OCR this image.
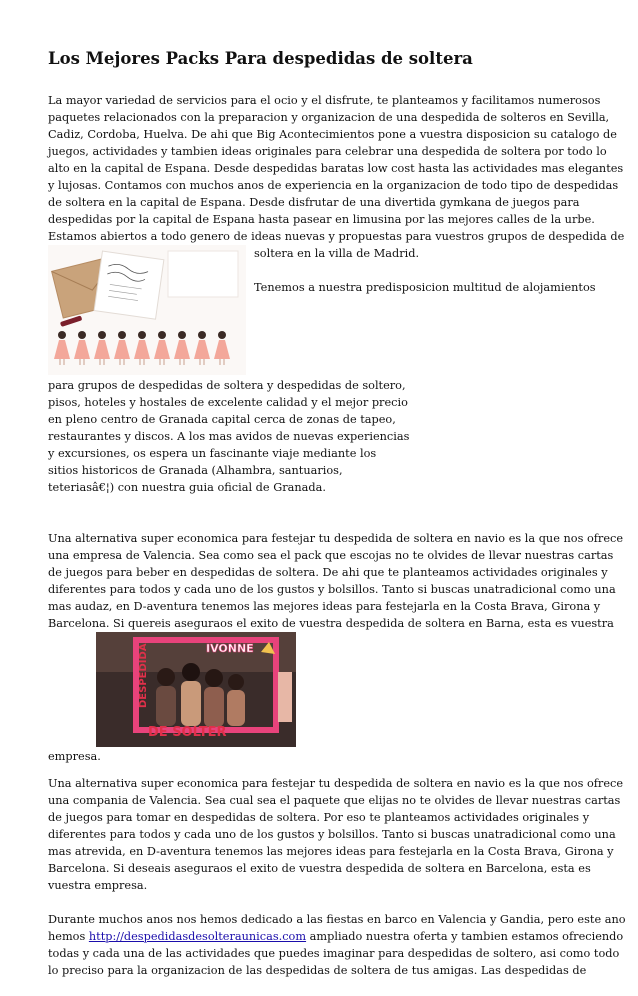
Los Mejores Packs Para despedidas de soltera

La mayor variedad de servicios para el ocio y el disfrute, te planteamos y facilitamos numerosos
paquetes relacionados con la preparacion y organizacion de una despedida de solteros en Sevilla,
Cadiz, Cordoba, Huelva. De ahi que Big Acontecimientos pone a vuestra disposicion su catalogo de
juegos, actividades y tambien ideas originales para celebrar una despedida de soltera por todo lo
alto en la capital de Espana. Desde despedidas baratas low cost hasta las actividades mas elegantes
y lujosas. Contamos con muchos anos de experiencia en la organizacion de todo tipo de despedidas
de soltera en la capital de Espana. Desde disfrutar de una divertida gymkana de juegos para
despedidas por la capital de Espana hasta pasear en limusina por las mejores calles de la urbe.
Estamos abiertos a todo genero de ideas nuevas y propuestas para vuestros grupos de despedida de

soltera en la villa de Madrid.

Tenemos a nuestra predisposicion multitud de alojamientos
para grupos de despedidas de soltera y despedidas de soltero,
pisos, hoteles y hostales de excelente calidad y el mejor precio
en pleno centro de Granada capital cerca de zonas de tapeo,
restaurantes y discos. A los mas avidos de nuevas experiencias
y excursiones, os espera un fascinante viaje mediante los
sitios historicos de Granada (Alhambra, santuarios,

teteriasâ€¦) con nuestra guia oficial de Granada.

Una alternativa super economica para festejar tu despedida de soltera en navio es la que nos ofrece
una empresa de Valencia. Sea como sea el pack que escojas no te olvides de llevar nuestras cartas
de juegos para beber en despedidas de soltera. De ahi que te planteamos actividades originales y
diferentes para todos y cada uno de los gustos y bolsillos. Tanto si buscas unatradicional como una
mas audaz, en D-aventura tenemos las mejores ideas para festejarla en la Costa Brava, Girona y
Barcelona. Si quereis aseguraos el exito de vuestra despedida de soltera en Barna, esta es vuestra

IVONNE
DESPEDIDA
DE SOLTER

empresa.

Una alternativa super economica para festejar tu despedida de soltera en navio es la que nos ofrece
una compania de Valencia. Sea cual sea el paquete que elijas no te olvides de llevar nuestras cartas
de juegos para tomar en despedidas de soltera. Por eso te planteamos actividades originales y
diferentes para todos y cada uno de los gustos y bolsillos. Tanto si buscas unatradicional como una
mas atrevida, en D-aventura tenemos las mejores ideas para festejarla en la Costa Brava, Girona y
Barcelona. Si deseais aseguraos el exito de vuestra despedida de soltera en Barcelona, esta es
vuestra empresa.

Durante muchos anos nos hemos dedicado a las fiestas en barco en Valencia y Gandia, pero este ano
hemos http://despedidasdesolteraunicas.com ampliado nuestra oferta y tambien estamos ofreciendo
todas y cada una de las actividades que puedes imaginar para despedidas de soltero, asi como todo
lo preciso para la organizacion de las despedidas de soltera de tus amigas. Las despedidas de
